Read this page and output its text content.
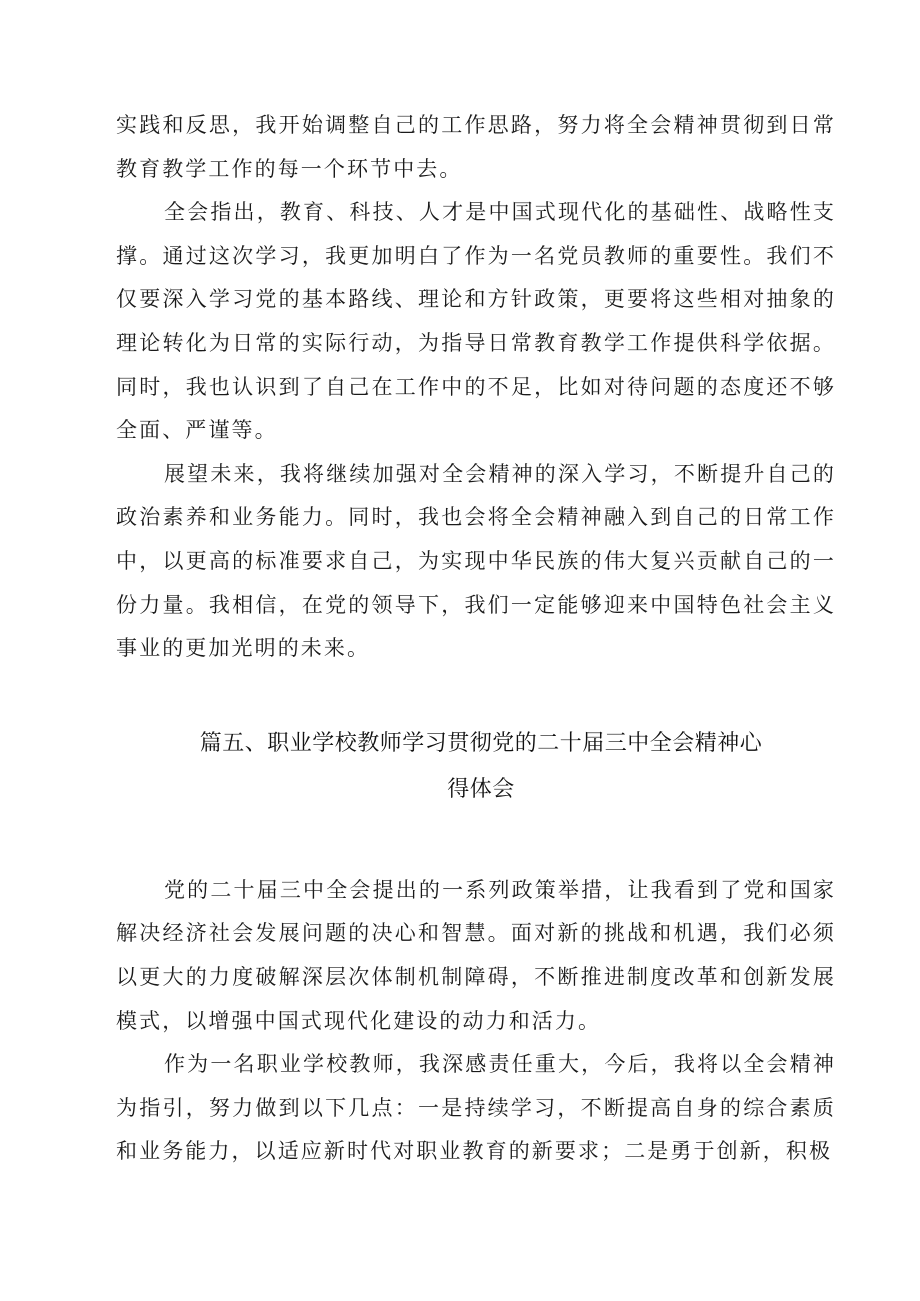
实践和反思，我开始调整自己的工作思路，努力将全会精神贯彻到日常教育教学工作的每一个环节中去。

全会指出，教育、科技、人才是中国式现代化的基础性、战略性支撑。通过这次学习，我更加明白了作为一名党员教师的重要性。我们不仅要深入学习党的基本路线、理论和方针政策，更要将这些相对抽象的理论转化为日常的实际行动，为指导日常教育教学工作提供科学依据。同时，我也认识到了自己在工作中的不足，比如对待问题的态度还不够全面、严谨等。

展望未来，我将继续加强对全会精神的深入学习，不断提升自己的政治素养和业务能力。同时，我也会将全会精神融入到自己的日常工作中，以更高的标准要求自己，为实现中华民族的伟大复兴贡献自己的一份力量。我相信，在党的领导下，我们一定能够迎来中国特色社会主义事业的更加光明的未来。

篇五、职业学校教师学习贯彻党的二十届三中全会精神心

得体会

党的二十届三中全会提出的一系列政策举措，让我看到了党和国家解决经济社会发展问题的决心和智慧。面对新的挑战和机遇，我们必须以更大的力度破解深层次体制机制障碍，不断推进制度改革和创新发展模式，以增强中国式现代化建设的动力和活力。

作为一名职业学校教师，我深感责任重大，今后，我将以全会精神为指引，努力做到以下几点：一是持续学习，不断提高自身的综合素质和业务能力，以适应新时代对职业教育的新要求；二是勇于创新，积极
